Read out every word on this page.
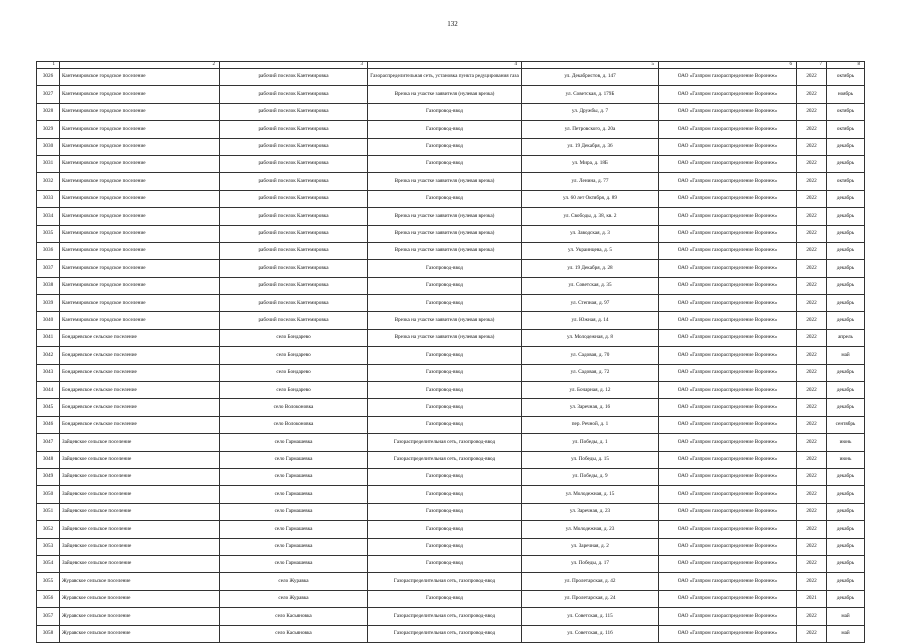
132
1	2	3	4	5	6	7	8
3026	Кантемировское городское поселение	рабочий поселок Кантемировка	Газораспределительная сеть, установка пункта редуцирования газа	ул. Декабристов, д. 147	ОАО «Газпром газораспределение Воронеж»	2022	октябрь
3027	Кантемировское городское поселение	рабочий поселок Кантемировка	Врезка на участке заявителя (нулевая врезка)	ул. Советская, д. 179Б	ОАО «Газпром газораспределение Воронеж»	2022	ноябрь
3028	Кантемировское городское поселение	рабочий поселок Кантемировка	Газопровод-ввод	ул. Дружбы, д. 7	ОАО «Газпром газораспределение Воронеж»	2022	октябрь
3029	Кантемировское городское поселение	рабочий поселок Кантемировка	Газопровод-ввод	ул. Петровского, д. 20а	ОАО «Газпром газораспределение Воронеж»	2022	октябрь
3030	Кантемировское городское поселение	рабочий поселок Кантемировка	Газопровод-ввод	ул. 19 Декабря, д. 36	ОАО «Газпром газораспределение Воронеж»	2022	декабрь
3031	Кантемировское городское поселение	рабочий поселок Кантемировка	Газопровод-ввод	ул. Мира, д. 18Б	ОАО «Газпром газораспределение Воронеж»	2022	декабрь
3032	Кантемировское городское поселение	рабочий поселок Кантемировка	Врезка на участке заявителя (нулевая врезка)	ул. Ленина, д. 77	ОАО «Газпром газораспределение Воронеж»	2022	октябрь
3033	Кантемировское городское поселение	рабочий поселок Кантемировка	Газопровод-ввод	ул. 60 лет Октября, д. 89	ОАО «Газпром газораспределение Воронеж»	2022	декабрь
3034	Кантемировское городское поселение	рабочий поселок Кантемировка	Врезка на участке заявителя (нулевая врезка)	ул. Свободы, д. 38, кв. 2	ОАО «Газпром газораспределение Воронеж»	2022	декабрь
3035	Кантемировское городское поселение	рабочий поселок Кантемировка	Врезка на участке заявителя (нулевая врезка)	ул. Заводская, д. 3	ОАО «Газпром газораспределение Воронеж»	2022	декабрь
3036	Кантемировское городское поселение	рабочий поселок Кантемировка	Врезка на участке заявителя (нулевая врезка)	ул. Украинцева, д. 5	ОАО «Газпром газораспределение Воронеж»	2022	декабрь
3037	Кантемировское городское поселение	рабочий поселок Кантемировка	Газопровод-ввод	ул. 19 Декабря, д. 28	ОАО «Газпром газораспределение Воронеж»	2022	декабрь
3038	Кантемировское городское поселение	рабочий поселок Кантемировка	Газопровод-ввод	ул. Советская, д. 35	ОАО «Газпром газораспределение Воронеж»	2022	декабрь
3039	Кантемировское городское поселение	рабочий поселок Кантемировка	Газопровод-ввод	ул. Степная, д. 97	ОАО «Газпром газораспределение Воронеж»	2022	декабрь
3040	Кантемировское городское поселение	рабочий поселок Кантемировка	Врезка на участке заявителя (нулевая врезка)	ул. Южная, д. 14	ОАО «Газпром газораспределение Воронеж»	2022	декабрь
3041	Бондаревское сельское поселение	село Бондарево	Врезка на участке заявителя (нулевая врезка)	ул. Молодежная, д. 8	ОАО «Газпром газораспределение Воронеж»	2022	апрель
3042	Бондаревское сельское поселение	село Бондарево	Газопровод-ввод	ул. Садовая, д. 70	ОАО «Газпром газораспределение Воронеж»	2022	май
3043	Бондаревское сельское поселение	село Бондарево	Газопровод-ввод	ул. Садовая, д. 72	ОАО «Газпром газораспределение Воронеж»	2022	декабрь
3044	Бондаревское сельское поселение	село Бондарево	Газопровод-ввод	ул. Бочарная, д. 12	ОАО «Газпром газораспределение Воронеж»	2022	декабрь
3045	Бондаревское сельское поселение	село Волоконовка	Газопровод-ввод	ул. Заречная, д. 16	ОАО «Газпром газораспределение Воронеж»	2022	декабрь
3046	Бондаревское сельское поселение	село Волоконовка	Газопровод-ввод	пер. Речной, д. 1	ОАО «Газпром газораспределение Воронеж»	2022	сентябрь
3047	Зайцевское сельское поселение	село Гармашевка	Газораспределительная сеть, газопровод-ввод	ул. Победы, д. 1	ОАО «Газпром газораспределение Воронеж»	2022	июнь
3048	Зайцевское сельское поселение	село Гармашевка	Газораспределительная сеть, газопровод-ввод	ул. Победы, д. 15	ОАО «Газпром газораспределение Воронеж»	2022	июнь
3049	Зайцевское сельское поселение	село Гармашевка	Газопровод-ввод	ул. Победы, д. 9	ОАО «Газпром газораспределение Воронеж»	2022	декабрь
3050	Зайцевское сельское поселение	село Гармашевка	Газопровод-ввод	ул. Молодежная, д. 15	ОАО «Газпром газораспределение Воронеж»	2022	декабрь
3051	Зайцевское сельское поселение	село Гармашевка	Газопровод-ввод	ул. Заречная, д. 23	ОАО «Газпром газораспределение Воронеж»	2022	декабрь
3052	Зайцевское сельское поселение	село Гармашевка	Газопровод-ввод	ул. Молодежная, д. 23	ОАО «Газпром газораспределение Воронеж»	2022	декабрь
3053	Зайцевское сельское поселение	село Гармашевка	Газопровод-ввод	ул. Заречная, д. 2	ОАО «Газпром газораспределение Воронеж»	2022	декабрь
3054	Зайцевское сельское поселение	село Гармашевка	Газопровод-ввод	ул. Победы, д. 17	ОАО «Газпром газораспределение Воронеж»	2022	декабрь
3055	Журавское сельское поселение	село Журавка	Газораспределительная сеть, газопровод-ввод	ул. Пролетарская, д. 42	ОАО «Газпром газораспределение Воронеж»	2022	декабрь
3056	Журавское сельское поселение	село Журавка	Газопровод-ввод	ул. Пролетарская, д. 24	ОАО «Газпром газораспределение Воронеж»	2021	декабрь
3057	Журавское сельское поселение	село Касьяновка	Газораспределительная сеть, газопровод-ввод	ул. Советская, д. 115	ОАО «Газпром газораспределение Воронеж»	2022	май
3058	Журавское сельское поселение	село Касьяновка	Газораспределительная сеть, газопровод-ввод	ул. Советская, д. 116	ОАО «Газпром газораспределение Воронеж»	2022	май
